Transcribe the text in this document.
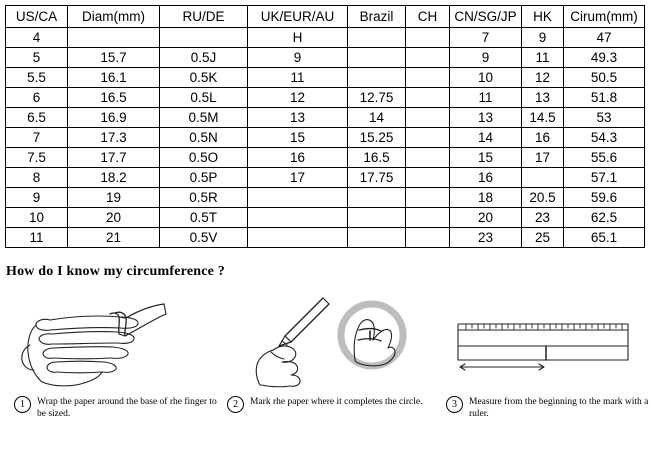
US/CA	Diam(mm)	RU/DE	UK/EUR/AU	Brazil	CH	CN/SG/JP	HK	Cirum(mm)
4			H			7	9	47
5	15.7	0.5J	9			9	11	49.3
5.5	16.1	0.5K	11			10	12	50.5
6	16.5	0.5L	12	12.75		11	13	51.8
6.5	16.9	0.5M	13	14		13	14.5	53
7	17.3	0.5N	15	15.25		14	16	54.3
7.5	17.7	0.5O	16	16.5		15	17	55.6
8	18.2	0.5P	17	17.75		16		57.1
9	19	0.5R				18	20.5	59.6
10	20	0.5T				20	23	62.5
11	21	0.5V				23	25	65.1
How do I know my circumference ?
1	Wrap the paper around the base of rhe finger to be sized.
2	Mark rhe paper where it completes the circle.	3	Measure from the beginning to the mark with a ruler.
